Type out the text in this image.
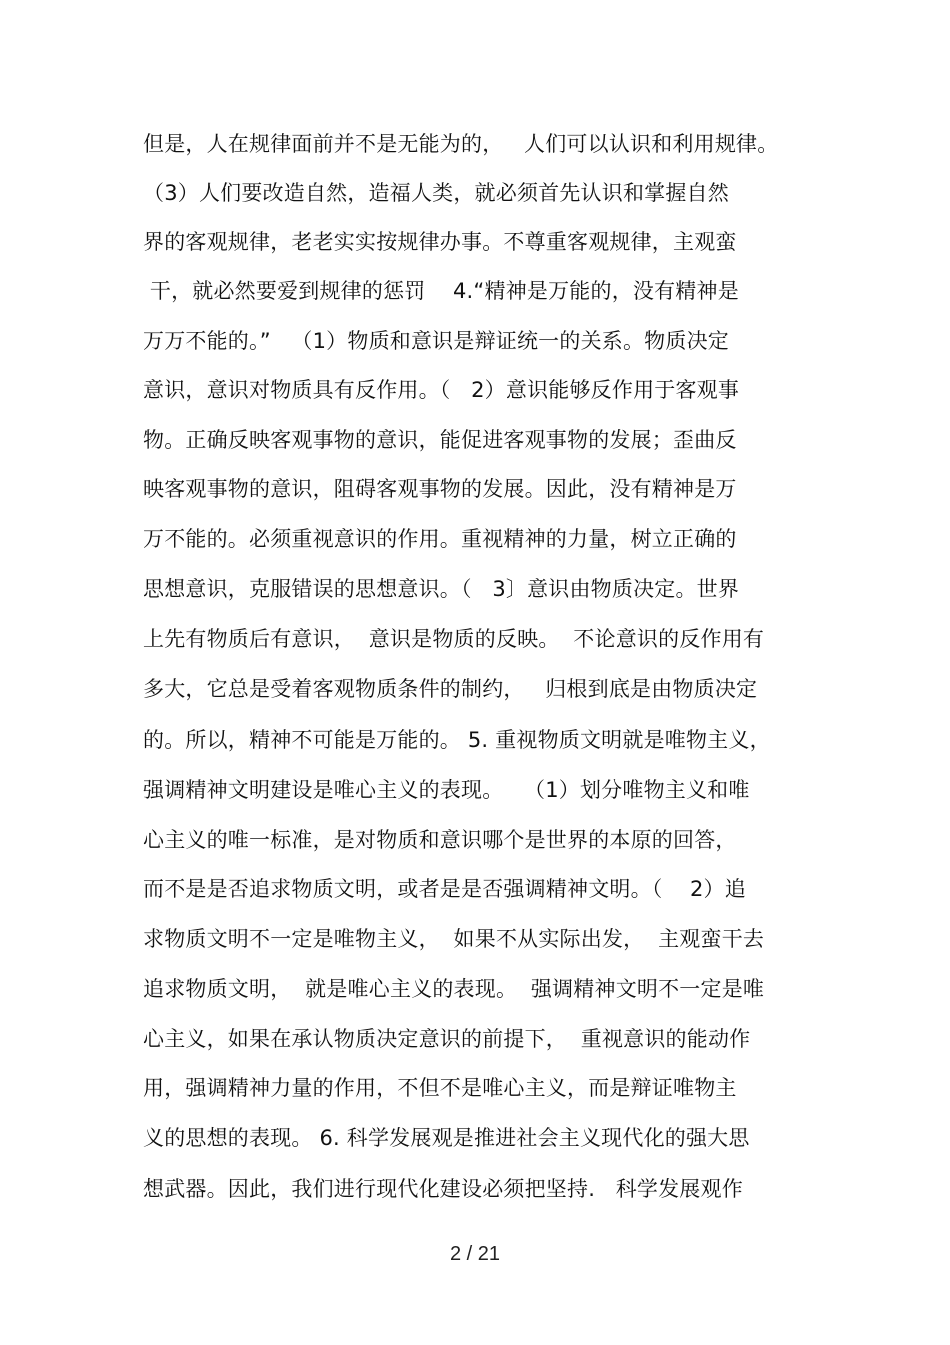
但是，人在规律面前并不是无能为的，   人们可以认识和利用规律。
（3）人们要改造自然，造福人类，就必须首先认识和掌握自然
界的客观规律，老老实实按规律办事。不尊重客观规律，主观蛮
干，就必然要爱到规律的惩罚    4.“精神是万能的，没有精神是
万万不能的。”   （1）物质和意识是辩证统一的关系。物质决定
意识，意识对物质具有反作用。（   2）意识能够反作用于客观事
物。正确反映客观事物的意识，能促进客观事物的发展；歪曲反
映客观事物的意识，阻碍客观事物的发展。因此，没有精神是万
万不能的。必须重视意识的作用。重视精神的力量，树立正确的
思想意识，克服错误的思想意识。（   3〕意识由物质决定。世界
上先有物质后有意识，  意识是物质的反映。  不论意识的反作用有
多大，它总是受着客观物质条件的制约，   归根到底是由物质决定
的。所以，精神不可能是万能的。 5. 重视物质文明就是唯物主义，
强调精神文明建设是唯心主义的表现。   （1）划分唯物主义和唯
心主义的唯一标准，是对物质和意识哪个是世界的本原的回答，
而不是是否追求物质文明，或者是是否强调精神文明。（    2）追
求物质文明不一定是唯物主义，  如果不从实际出发，  主观蛮干去
追求物质文明，  就是唯心主义的表现。  强调精神文明不一定是唯
心主义，如果在承认物质决定意识的前提下，  重视意识的能动作
用，强调精神力量的作用，不但不是唯心主义，而是辩证唯物主
义的思想的表现。 6. 科学发展观是推进社会主义现代化的强大思
想武器。因此，我们进行现代化建设必须把坚持.   科学发展观作
2 / 21
